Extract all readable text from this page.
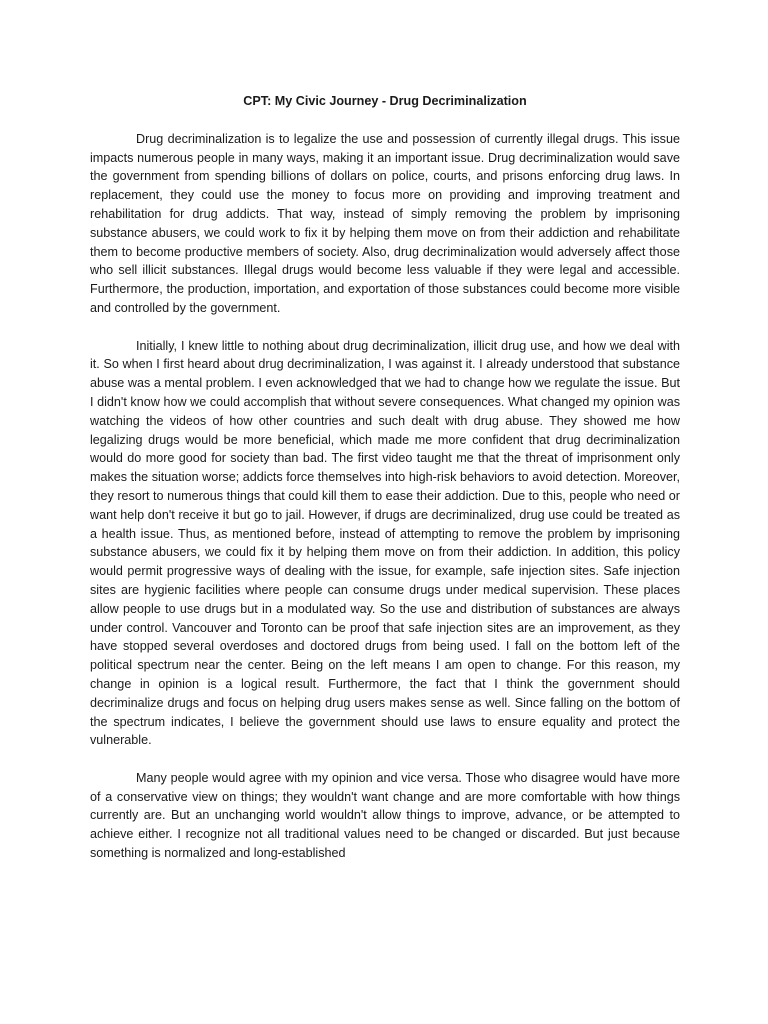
CPT: My Civic Journey - Drug Decriminalization

Drug decriminalization is to legalize the use and possession of currently illegal drugs. This issue impacts numerous people in many ways, making it an important issue. Drug decriminalization would save the government from spending billions of dollars on police, courts, and prisons enforcing drug laws. In replacement, they could use the money to focus more on providing and improving treatment and rehabilitation for drug addicts. That way, instead of simply removing the problem by imprisoning substance abusers, we could work to fix it by helping them move on from their addiction and rehabilitate them to become productive members of society. Also, drug decriminalization would adversely affect those who sell illicit substances. Illegal drugs would become less valuable if they were legal and accessible. Furthermore, the production, importation, and exportation of those substances could become more visible and controlled by the government.

Initially, I knew little to nothing about drug decriminalization, illicit drug use, and how we deal with it. So when I first heard about drug decriminalization, I was against it. I already understood that substance abuse was a mental problem. I even acknowledged that we had to change how we regulate the issue. But I didn't know how we could accomplish that without severe consequences. What changed my opinion was watching the videos of how other countries and such dealt with drug abuse. They showed me how legalizing drugs would be more beneficial, which made me more confident that drug decriminalization would do more good for society than bad. The first video taught me that the threat of imprisonment only makes the situation worse; addicts force themselves into high-risk behaviors to avoid detection. Moreover, they resort to numerous things that could kill them to ease their addiction. Due to this, people who need or want help don't receive it but go to jail. However, if drugs are decriminalized, drug use could be treated as a health issue. Thus, as mentioned before, instead of attempting to remove the problem by imprisoning substance abusers, we could fix it by helping them move on from their addiction. In addition, this policy would permit progressive ways of dealing with the issue, for example, safe injection sites. Safe injection sites are hygienic facilities where people can consume drugs under medical supervision. These places allow people to use drugs but in a modulated way. So the use and distribution of substances are always under control. Vancouver and Toronto can be proof that safe injection sites are an improvement, as they have stopped several overdoses and doctored drugs from being used. I fall on the bottom left of the political spectrum near the center. Being on the left means I am open to change. For this reason, my change in opinion is a logical result. Furthermore, the fact that I think the government should decriminalize drugs and focus on helping drug users makes sense as well. Since falling on the bottom of the spectrum indicates, I believe the government should use laws to ensure equality and protect the vulnerable.

Many people would agree with my opinion and vice versa. Those who disagree would have more of a conservative view on things; they wouldn't want change and are more comfortable with how things currently are. But an unchanging world wouldn't allow things to improve, advance, or be attempted to achieve either. I recognize not all traditional values need to be changed or discarded. But just because something is normalized and long-established
